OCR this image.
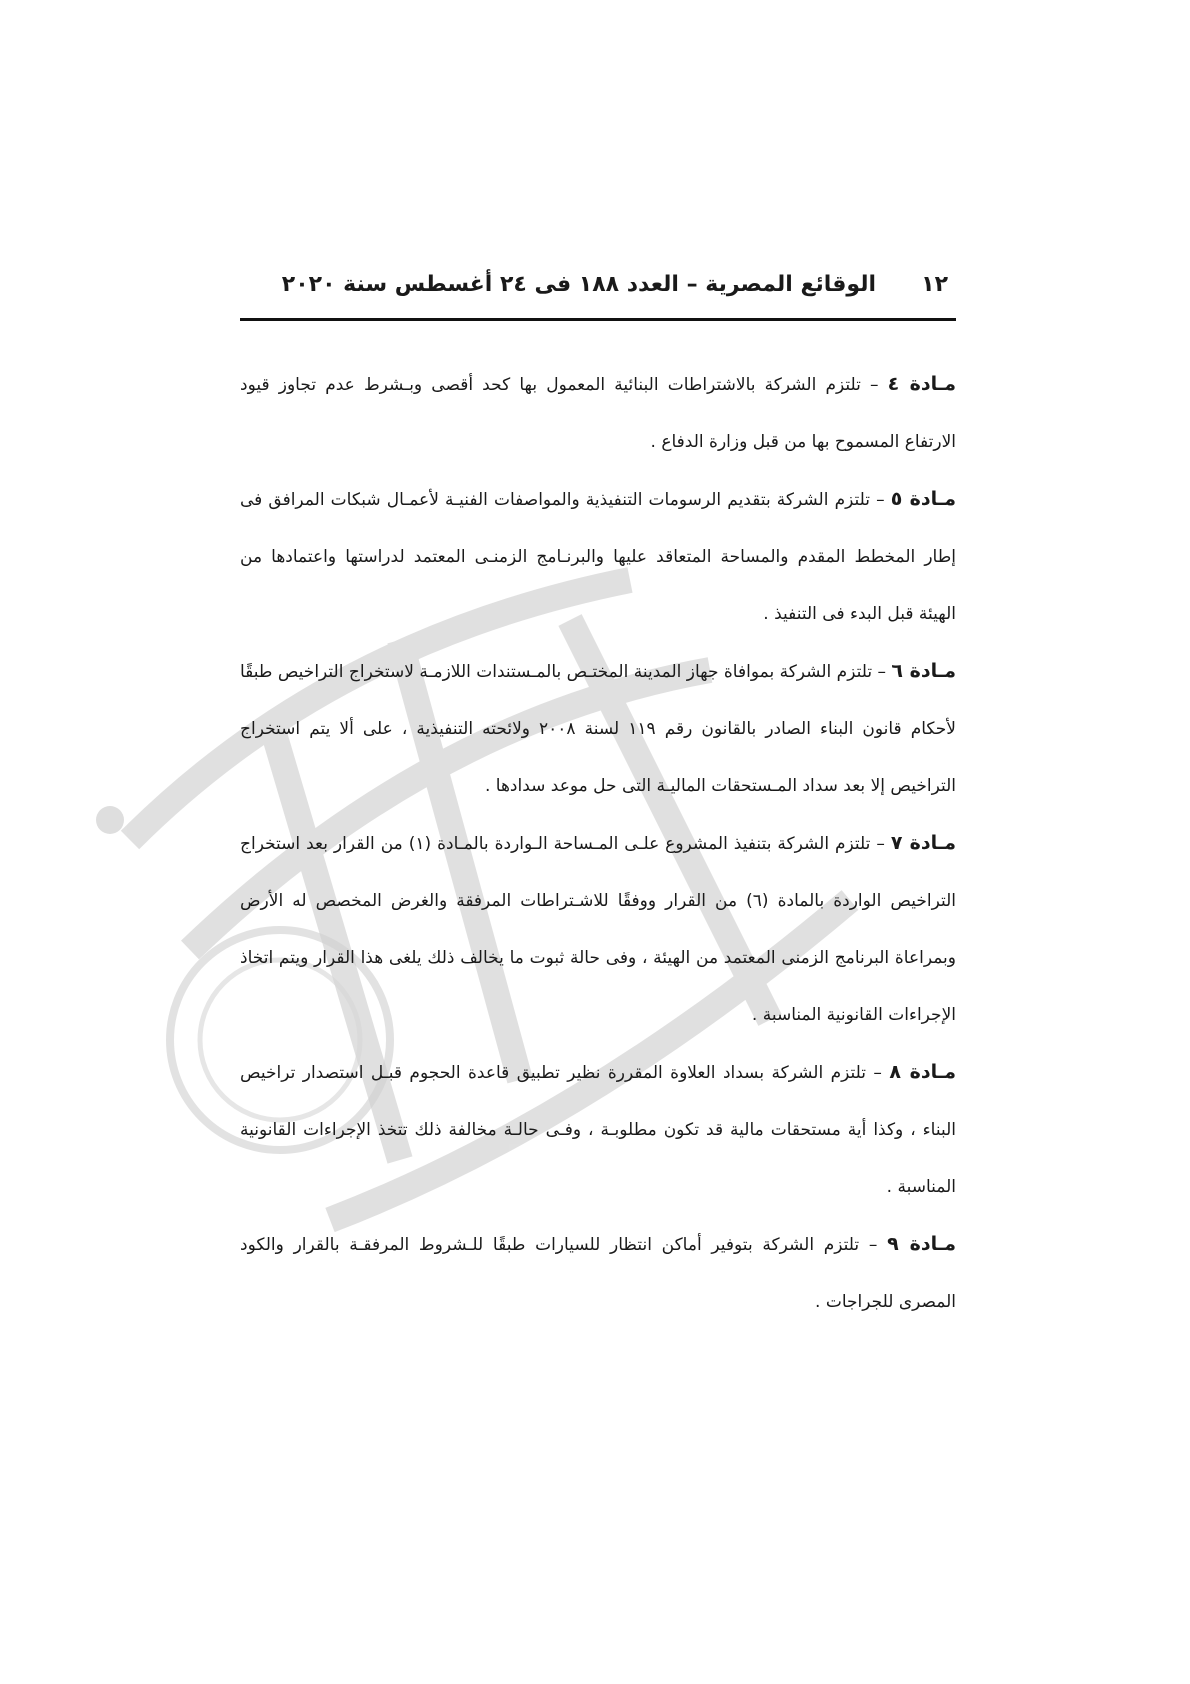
١٢
الوقائع المصرية – العدد ١٨٨ فى ٢٤ أغسطس سنة ٢٠٢٠

مـادة ٤ – تلتزم الشركة بالاشتراطات البنائية المعمول بها كحد أقصى وبـشرط عدم تجاوز قيود الارتفاع المسموح بها من قبل وزارة الدفاع .

مـادة ٥ – تلتزم الشركة بتقديم الرسومات التنفيذية والمواصفات الفنيـة لأعمـال شبكات المرافق فى إطار المخطط المقدم والمساحة المتعاقد عليها والبرنـامج الزمنـى المعتمد لدراستها واعتمادها من الهيئة قبل البدء فى التنفيذ .

مـادة ٦ – تلتزم الشركة بموافاة جهاز المدينة المختـص بالمـستندات اللازمـة لاستخراج التراخيص طبقًا لأحكام قانون البناء الصادر بالقانون رقم ١١٩ لسنة ٢٠٠٨ ولائحته التنفيذية ، على ألا يتم استخراج التراخيص إلا بعد سداد المـستحقات الماليـة التى حل موعد سدادها .

مـادة ٧ – تلتزم الشركة بتنفيذ المشروع علـى المـساحة الـواردة بالمـادة (١) من القرار بعد استخراج التراخيص الواردة بالمادة (٦) من القرار ووفقًا للاشـتراطات المرفقة والغرض المخصص له الأرض وبمراعاة البرنامج الزمنى المعتمد من الهيئة ، وفى حالة ثبوت ما يخالف ذلك يلغى هذا القرار ويتم اتخاذ الإجراءات القانونية المناسبة .

مـادة ٨ – تلتزم الشركة بسداد العلاوة المقررة نظير تطبيق قاعدة الحجوم قبـل استصدار تراخيص البناء ، وكذا أية مستحقات مالية قد تكون مطلوبـة ، وفـى حالـة مخالفة ذلك تتخذ الإجراءات القانونية المناسبة .

مـادة ٩ – تلتزم الشركة بتوفير أماكن انتظار للسيارات طبقًا للـشروط المرفقـة بالقرار والكود المصرى للجراجات .
